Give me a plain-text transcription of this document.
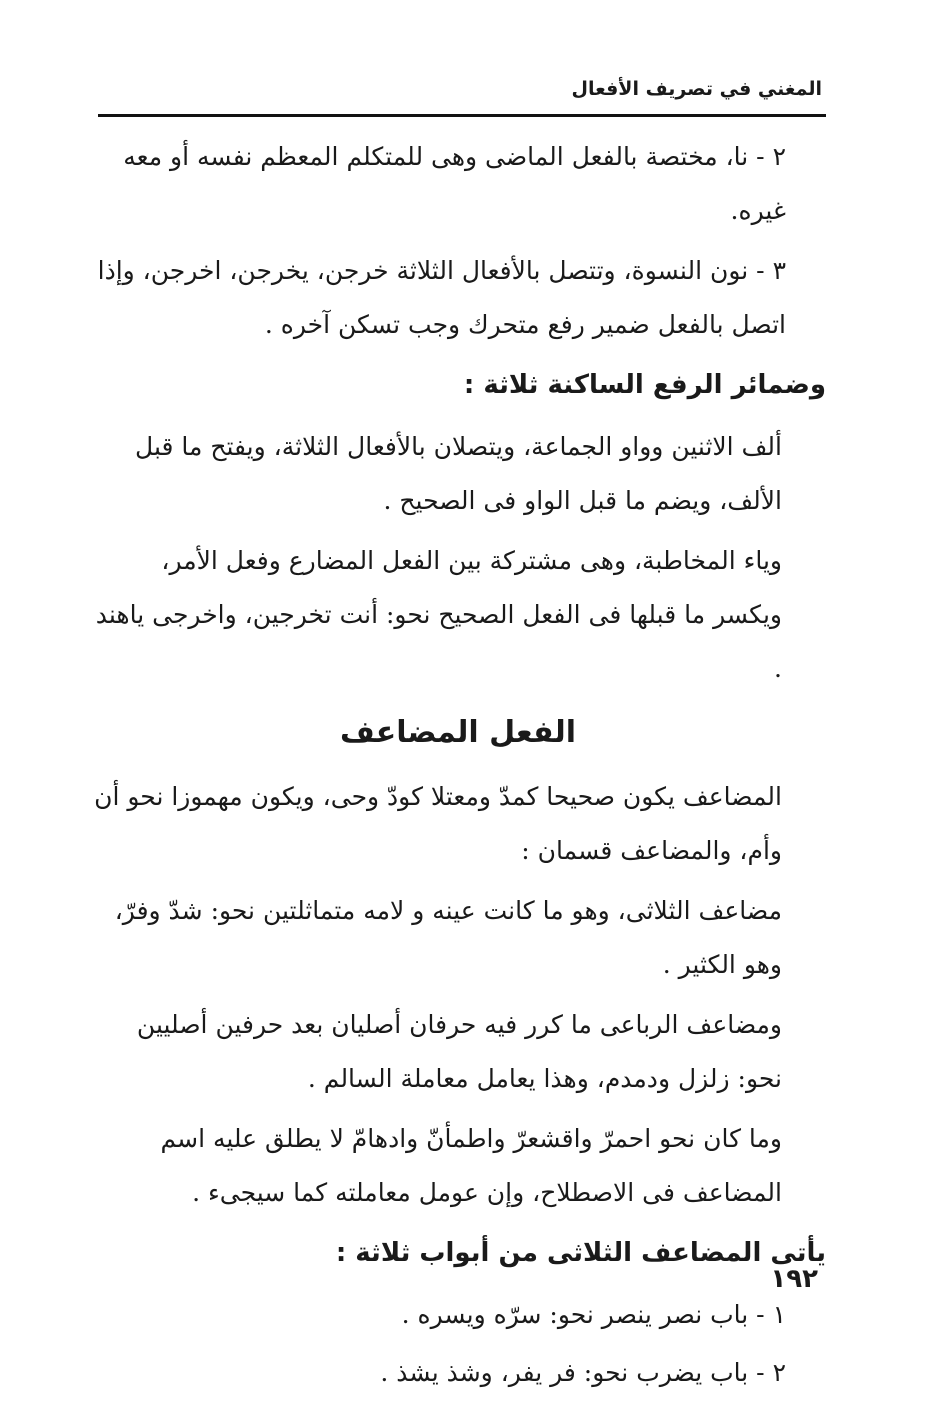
المغني في تصريف الأفعال

٢ - نا، مختصة بالفعل الماضى وهى للمتكلم المعظم نفسه أو معه غيره.

٣ - نون النسوة، وتتصل بالأفعال الثلاثة خرجن، يخرجن، اخرجن، وإذا اتصل بالفعل ضمير رفع متحرك وجب تسكن آخره .

وضمائر الرفع الساكنة ثلاثة :

ألف الاثنين وواو الجماعة، ويتصلان بالأفعال الثلاثة، ويفتح ما قبل الألف، ويضم ما قبل الواو فى الصحيح .

وياء المخاطبة، وهى مشتركة بين الفعل المضارع وفعل الأمر، ويكسر ما قبلها فى الفعل الصحيح نحو: أنت تخرجين، واخرجى ياهند .

الفعل المضاعف

المضاعف يكون صحيحا كمدّ ومعتلا كودّ وحى، ويكون مهموزا نحو أن وأم، والمضاعف قسمان :

مضاعف الثلاثى، وهو ما كانت عينه و لامه متماثلتين نحو: شدّ وفرّ، وهو الكثير .

ومضاعف الرباعى ما كرر فيه حرفان أصليان بعد حرفين أصليين نحو: زلزل ودمدم، وهذا يعامل معاملة السالم .

وما كان نحو احمرّ واقشعرّ واطمأنّ وادهامّ لا يطلق عليه اسم المضاعف فى الاصطلاح، وإن عومل معاملته كما سيجىء .

يأتى المضاعف الثلاثى من أبواب ثلاثة :

١ - باب نصر ينصر نحو: سرّه ويسره .

٢ - باب يضرب نحو: فر يفر، وشذ يشذ .

١٩٢
